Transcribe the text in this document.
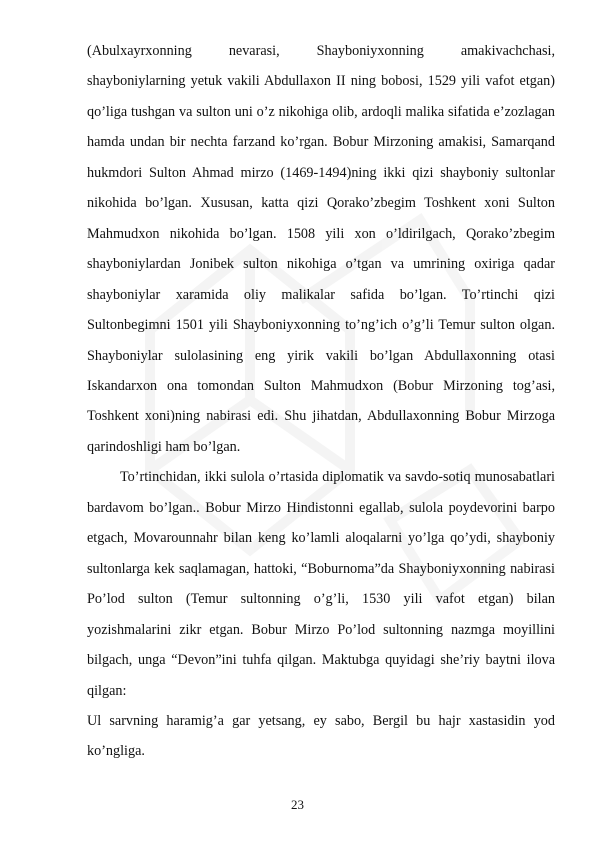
(Abulxayrxonning nevarasi, Shayboniyxonning amakivachchasi, shayboniylarning yetuk vakili Abdullaxon II ning bobosi, 1529 yili vafot etgan) qo’liga tushgan va sulton uni o’z nikohiga olib, ardoqli malika sifatida e’zozlagan hamda undan bir nechta farzand ko’rgan. Bobur Mirzoning amakisi, Samarqand hukmdori Sulton Ahmad mirzo (1469-1494)ning ikki qizi shayboniy sultonlar nikohida bo’lgan. Xususan, katta qizi Qorako’zbegim Toshkent xoni Sulton Mahmudxon nikohida bo’lgan. 1508 yili xon o’ldirilgach, Qorako’zbegim shayboniylardan Jonibek sulton nikohiga o’tgan va umrining oxiriga qadar shayboniylar xaramida oliy malikalar safida bo’lgan. To’rtinchi qizi Sultonbegimni 1501 yili Shayboniyxonning to’ng’ich o’g’li Temur sulton olgan. Shayboniylar sulolasining eng yirik vakili bo’lgan Abdullaxonning otasi Iskandarxon ona tomondan Sulton Mahmudxon (Bobur Mirzoning tog’asi, Toshkent xoni)ning nabirasi edi. Shu jihatdan, Abdullaxonning Bobur Mirzoga qarindoshligi ham bo’lgan.

To’rtinchidan, ikki sulola o’rtasida diplomatik va savdo-sotiq munosabatlari bardavom bo’lgan.. Bobur Mirzo Hindistonni egallab, sulola poydevorini barpo etgach, Movarounnahr bilan keng ko’lamli aloqalarni yo’lga qo’ydi, shayboniy sultonlarga kek saqlamagan, hattoki, “Boburnoma”da Shayboniyxonning nabirasi Po’lod sulton (Temur sultonning o’g’li, 1530 yili vafot etgan) bilan yozishmalarini zikr etgan. Bobur Mirzo Po’lod sultonning nazmga moyillini bilgach, unga “Devon”ini tuhfa qilgan. Maktubga quyidagi she’riy baytni ilova qilgan:

Ul sarvning haramig’a gar yetsang, ey sabo, Bergil bu hajr xastasidin yod

ko’ngliga.

23
